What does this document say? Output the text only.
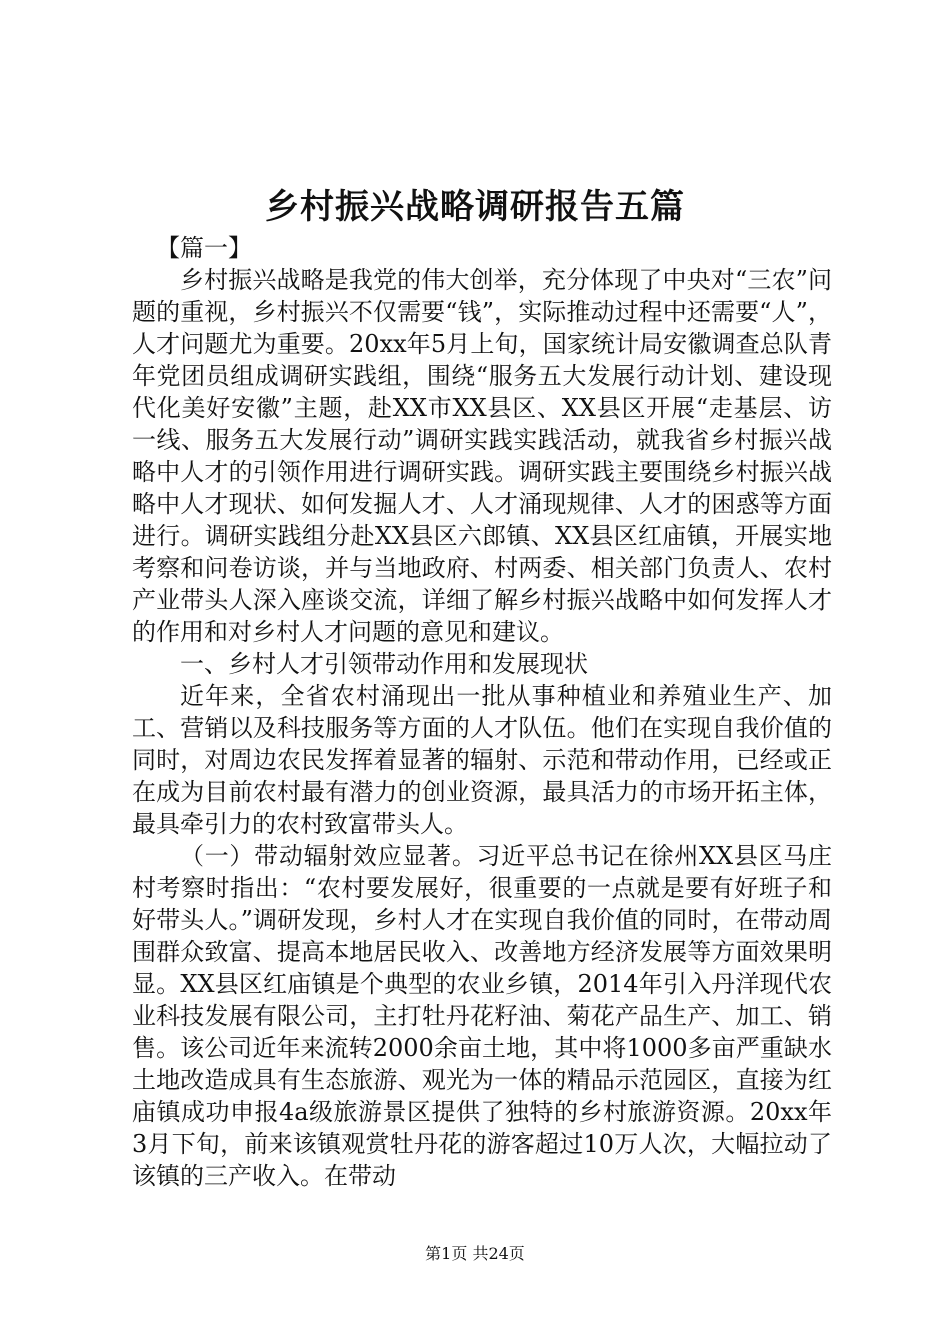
乡村振兴战略调研报告五篇

【篇一】

乡村振兴战略是我党的伟大创举，充分体现了中央对“三农”问题的重视，乡村振兴不仅需要“钱”，实际推动过程中还需要“人”，人才问题尤为重要。20xx年5月上旬，国家统计局安徽调查总队青年党团员组成调研实践组，围绕“服务五大发展行动计划、建设现代化美好安徽”主题，赴XX市XX县区、XX县区开展“走基层、访一线、服务五大发展行动”调研实践实践活动，就我省乡村振兴战略中人才的引领作用进行调研实践。调研实践主要围绕乡村振兴战略中人才现状、如何发掘人才、人才涌现规律、人才的困惑等方面进行。调研实践组分赴XX县区六郎镇、XX县区红庙镇，开展实地考察和问卷访谈，并与当地政府、村两委、相关部门负责人、农村产业带头人深入座谈交流，详细了解乡村振兴战略中如何发挥人才的作用和对乡村人才问题的意见和建议。

一、乡村人才引领带动作用和发展现状

近年来，全省农村涌现出一批从事种植业和养殖业生产、加工、营销以及科技服务等方面的人才队伍。他们在实现自我价值的同时，对周边农民发挥着显著的辐射、示范和带动作用，已经或正在成为目前农村最有潜力的创业资源，最具活力的市场开拓主体，最具牵引力的农村致富带头人。

（一）带动辐射效应显著。习近平总书记在徐州XX县区马庄村考察时指出：“农村要发展好，很重要的一点就是要有好班子和好带头人。”调研发现，乡村人才在实现自我价值的同时，在带动周围群众致富、提高本地居民收入、改善地方经济发展等方面效果明显。XX县区红庙镇是个典型的农业乡镇，2014年引入丹洋现代农业科技发展有限公司，主打牡丹花籽油、菊花产品生产、加工、销售。该公司近年来流转2000余亩土地，其中将1000多亩严重缺水土地改造成具有生态旅游、观光为一体的精品示范园区，直接为红庙镇成功申报4a级旅游景区提供了独特的乡村旅游资源。20xx年3月下旬，前来该镇观赏牡丹花的游客超过10万人次，大幅拉动了该镇的三产收入。在带动

第1页 共24页
